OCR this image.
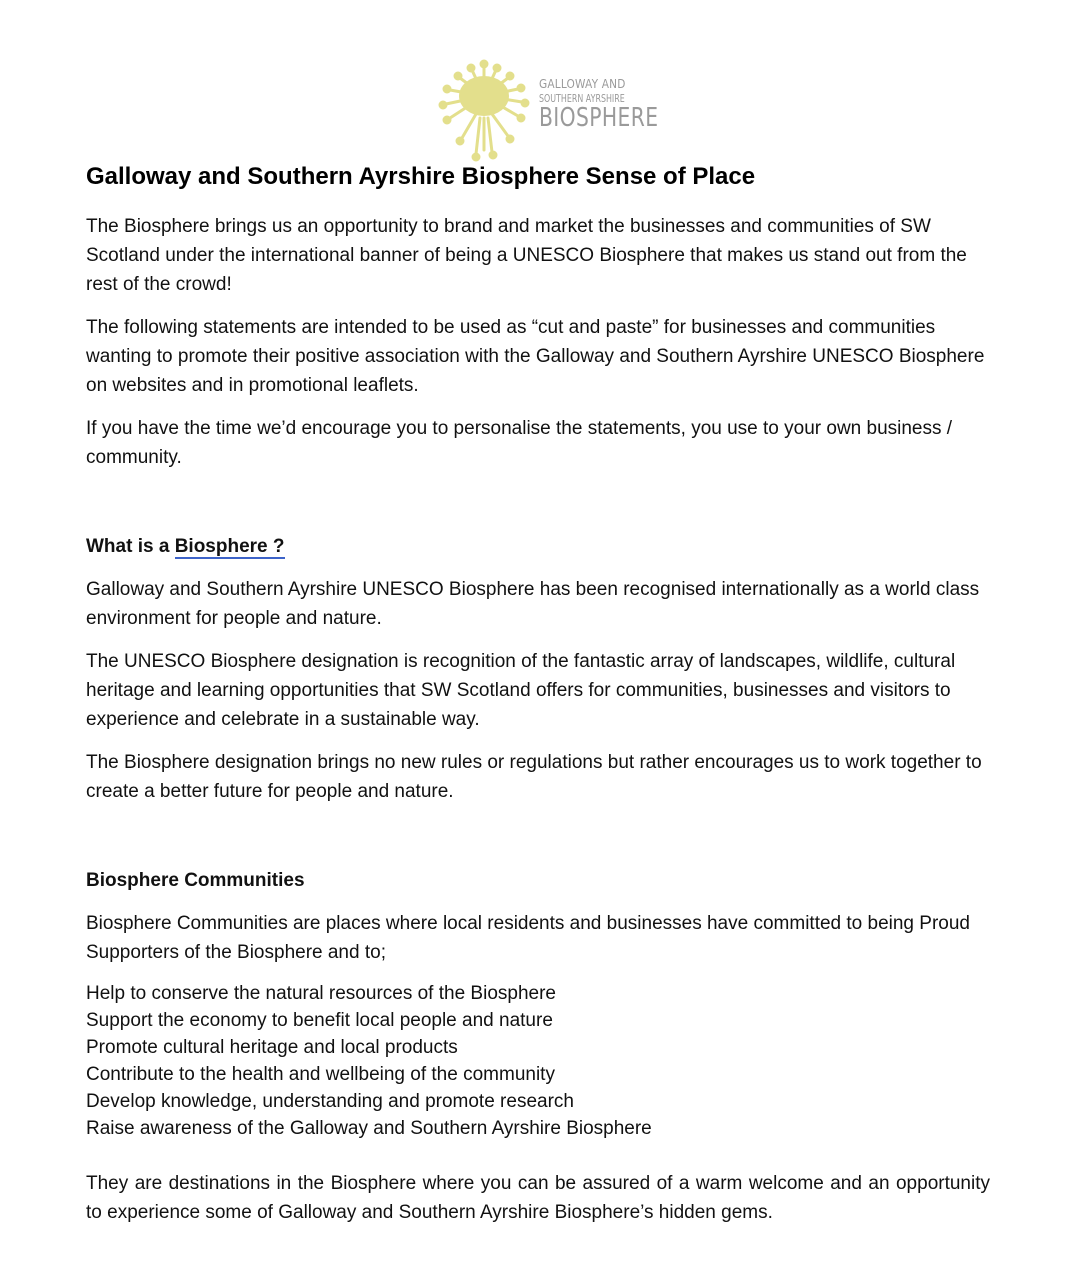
GALLOWAY AND
SOUTHERN AYRSHIRE
BIOSPHERE
Galloway and Southern Ayrshire Biosphere Sense of Place

The Biosphere brings us an opportunity to brand and market the businesses and communities of SW Scotland under the international banner of being a UNESCO Biosphere that makes us stand out from the rest of the crowd!

The following statements are intended to be used as “cut and paste” for businesses and communities wanting to promote their positive association with the Galloway and Southern Ayrshire UNESCO Biosphere on websites and in promotional leaflets.

If you have the time we’d encourage you to personalise the statements, you use to your own business / community.

What is a Biosphere ?

Galloway and Southern Ayrshire UNESCO Biosphere has been recognised internationally as a world class environment for people and nature.

The UNESCO Biosphere designation is recognition of the fantastic array of landscapes, wildlife, cultural heritage and learning opportunities that SW Scotland offers for communities, businesses and visitors to experience and celebrate in a sustainable way.

The Biosphere designation brings no new rules or regulations but rather encourages us to work together to create a better future for people and nature.

Biosphere Communities

Biosphere Communities are places where local residents and businesses have committed to being Proud Supporters of the Biosphere and to;

Help to conserve the natural resources of the Biosphere
Support the economy to benefit local people and nature
Promote cultural heritage and local products
Contribute to the health and wellbeing of the community
Develop knowledge, understanding and promote research
Raise awareness of the Galloway and Southern Ayrshire Biosphere

They are destinations in the Biosphere where you can be assured of a warm welcome and an opportunity to experience some of Galloway and Southern Ayrshire Biosphere’s hidden gems.
